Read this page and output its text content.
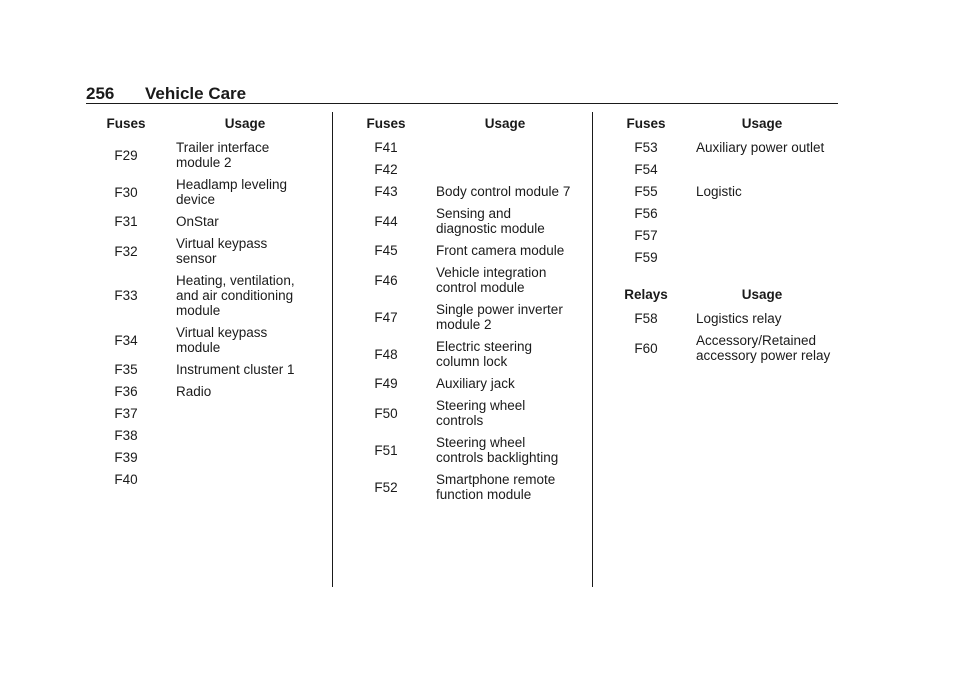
256 Vehicle Care
Fuses	Usage
F29	Trailer interface
module 2
F30	Headlamp leveling
device
F31	OnStar
F32	Virtual keypass
sensor
F33	Heating, ventilation,
and air conditioning
module
F34	Virtual keypass
module
F35	Instrument cluster 1
F36	Radio
F37	
F38	
F39	
F40	
Fuses	Usage
F41	
F42	
F43	Body control module 7
F44	Sensing and
diagnostic module
F45	Front camera module
F46	Vehicle integration
control module
F47	Single power inverter
module 2
F48	Electric steering
column lock
F49	Auxiliary jack
F50	Steering wheel
controls
F51	Steering wheel
controls backlighting
F52	Smartphone remote
function module
Fuses	Usage
F53	Auxiliary power outlet
F54	
F55	Logistic
F56	
F57	
F59	
Relays	Usage
F58	Logistics relay
F60	Accessory/Retained
accessory power relay
